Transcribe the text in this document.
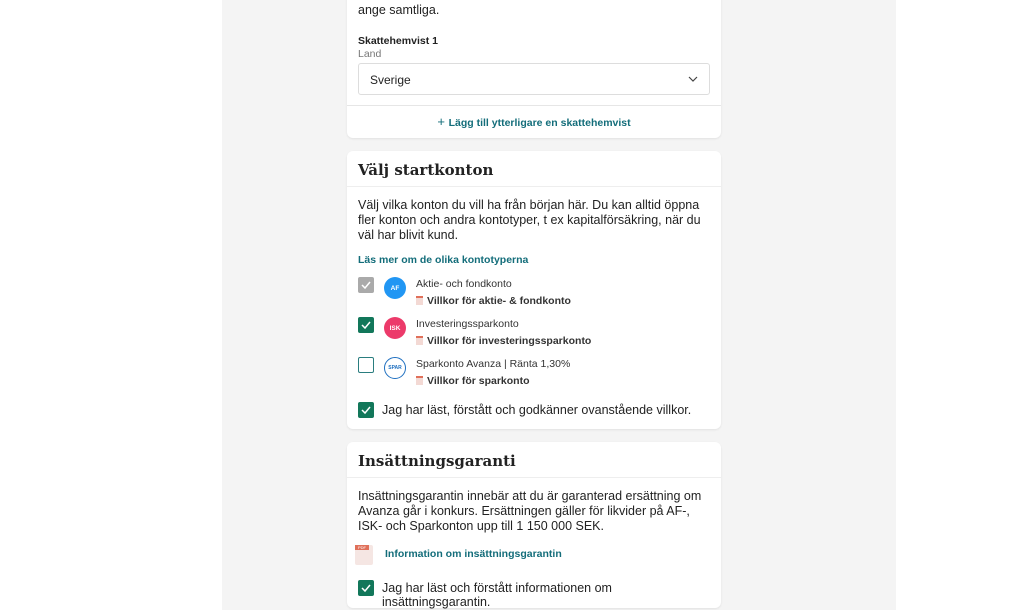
ange samtliga.
Skattehemvist 1
Land
Sverige
+ Lägg till ytterligare en skattehemvist
Välj startkonton
Välj vilka konton du vill ha från början här. Du kan alltid öppna fler konton och andra kontotyper, t ex kapitalförsäkring, när du väl har blivit kund.
Läs mer om de olika kontotyperna
AF	Aktie- och fondkonto
Villkor för aktie- & fondkonto
ISK	Investeringssparkonto
Villkor för investeringssparkonto
SPAR	Sparkonto Avanza | Ränta 1,30%
Villkor för sparkonto
Jag har läst, förstått och godkänner ovanstående villkor.
Insättningsgaranti
Insättningsgarantin innebär att du är garanterad ersättning om Avanza går i konkurs. Ersättningen gäller för likvider på AF-, ISK- och Sparkonton upp till 1 150 000 SEK.
PDF
Information om insättningsgarantin
Jag har läst och förstått informationen om insättningsgarantin.
